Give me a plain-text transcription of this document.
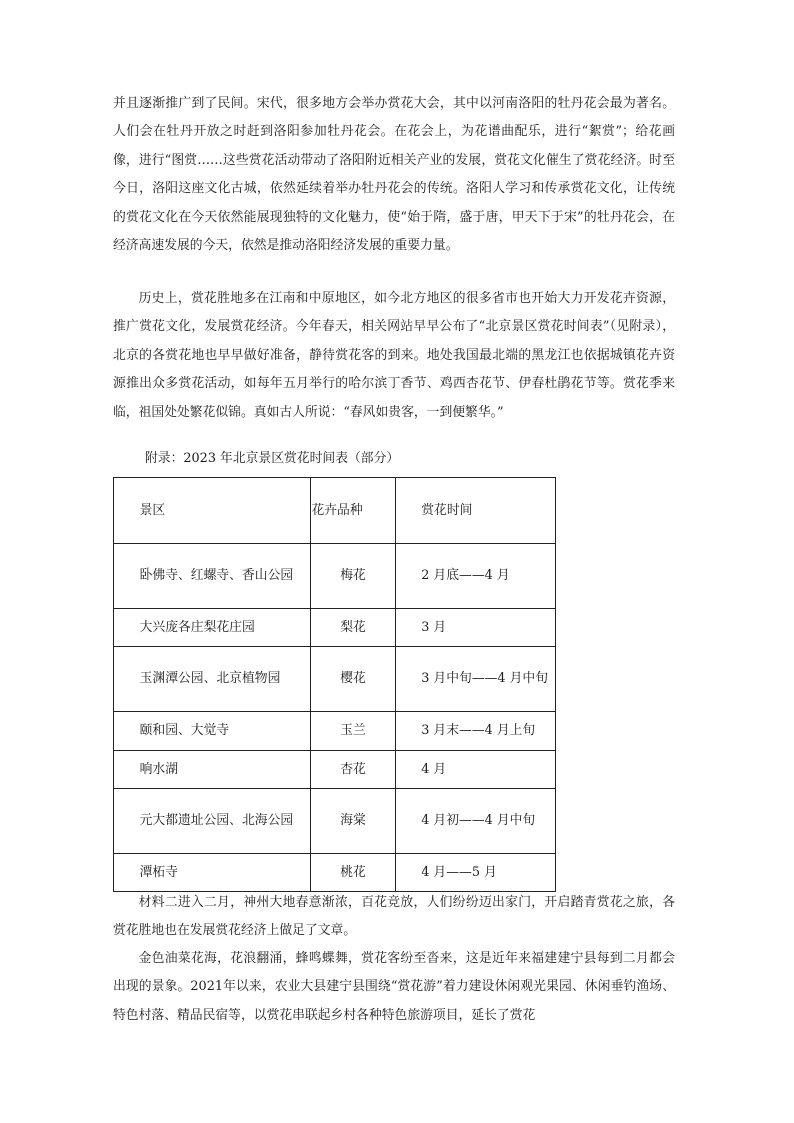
并且逐渐推广到了民间。宋代，很多地方会举办赏花大会，其中以河南洛阳的牡丹花会最为著名。人们会在牡丹开放之时赶到洛阳参加牡丹花会。在花会上，为花谱曲配乐，进行“絮赏”；给花画像，进行“图赏……这些赏花活动带动了洛阳附近相关产业的发展，赏花文化催生了赏花经济。时至今日，洛阳这座文化古城，依然延续着举办牡丹花会的传统。洛阳人学习和传承赏花文化，让传统的赏花文化在今天依然能展现独特的文化魅力，使“始于隋，盛于唐，甲天下于宋”的牡丹花会，在经济高速发展的今天，依然是推动洛阳经济发展的重要力量。

历史上，赏花胜地多在江南和中原地区，如今北方地区的很多省市也开始大力开发花卉资源，推广赏花文化，发展赏花经济。今年春天，相关网站早早公布了“北京景区赏花时间表”（见附录），北京的各赏花地也早早做好准备，静待赏花客的到来。地处我国最北端的黑龙江也依据城镇花卉资源推出众多赏花活动，如每年五月举行的哈尔滨丁香节、鸡西杏花节、伊春杜鹃花节等。赏花季来临，祖国处处繁花似锦。真如古人所说：“春风如贵客，一到便繁华。”

附录：2023 年北京景区赏花时间表（部分）

景区	花卉品种	赏花时间
卧佛寺、红螺寺、香山公园	梅花	2 月底——4 月
大兴庞各庄梨花庄园	梨花	3 月
玉渊潭公园、北京植物园	樱花	3 月中旬——4 月中旬
颐和园、大觉寺	玉兰	3 月末——4 月上旬
响水湖	杏花	4 月
元大都遗址公园、北海公园	海棠	4 月初——4 月中旬
潭柘寺	桃花	4 月——5 月

材料二进入二月，神州大地春意渐浓，百花竞放，人们纷纷迈出家门，开启踏青赏花之旅，各赏花胜地也在发展赏花经济上做足了文章。

金色油菜花海，花浪翻涌，蜂鸣蝶舞，赏花客纷至沓来，这是近年来福建建宁县每到二月都会出现的景象。2021年以来，农业大县建宁县围绕“赏花游”着力建设休闲观光果园、休闲垂钓渔场、特色村落、精品民宿等，以赏花串联起乡村各种特色旅游项目，延长了赏花
